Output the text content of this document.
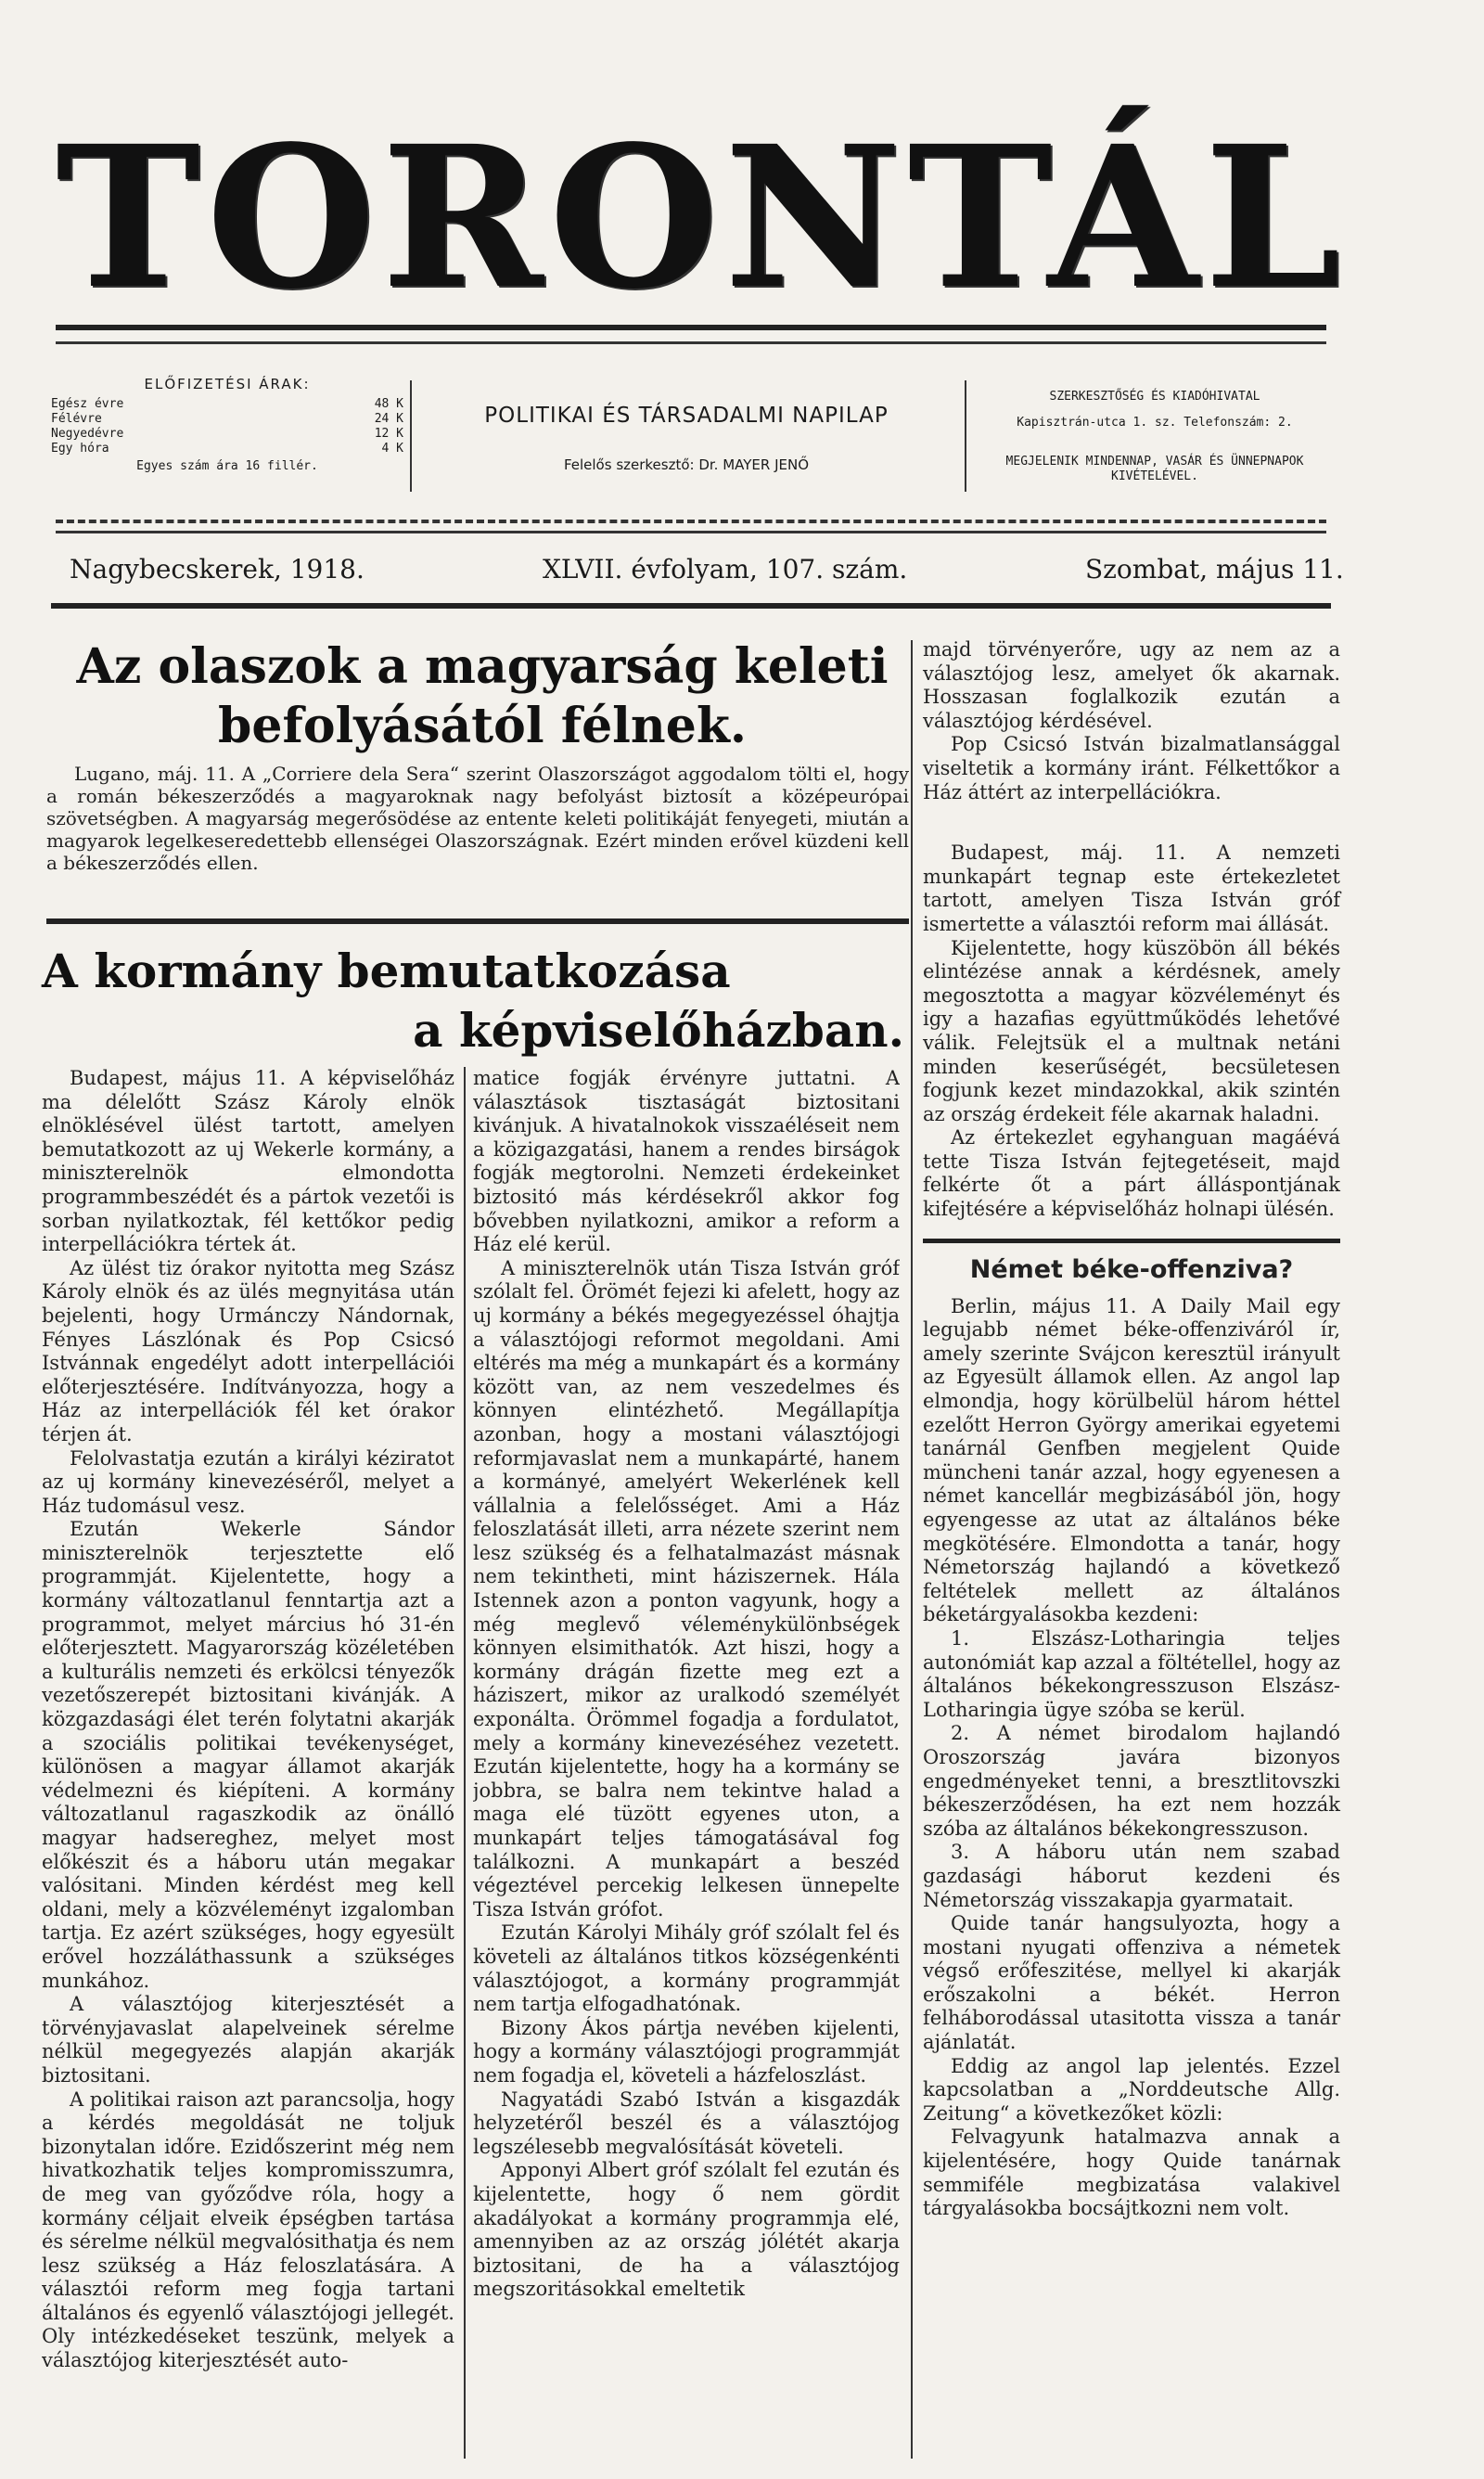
TORONTÁL
ELŐFIZETÉSI ÁRAK:
Egész évre	48 K
Félévre	24 K
Negyedévre	12 K
Egy hóra	4 K
Egyes szám ára 16 fillér.
POLITIKAI ÉS TÁRSADALMI NAPILAP
Felelős szerkesztő: Dr. MAYER JENŐ
SZERKESZTŐSÉG ÉS KIADÓHIVATAL
Kapisztrán-utca 1. sz. Telefonszám: 2.
MEGJELENIK MINDENNAP, VASÁR ÉS ÜNNEPNAPOK KIVÉTELÉVEL.
Nagybecskerek, 1918.	XLVII. évfolyam, 107. szám.	Szombat, május 11.
Az olaszok a magyarság keleti
befolyásától félnek.

Lugano, máj. 11. A „Corriere dela Sera“ szerint Olaszországot aggodalom tölti el, hogy a román békeszerződés a magyaroknak nagy befolyást biztosít a középeurópai szövetségben. A magyarság megerősödése az entente keleti politikáját fenyegeti, miután a magyarok legelkeseredettebb ellenségei Olaszországnak. Ezért minden erővel küzdeni kell a békeszerződés ellen.

A kormány bemutatkozása
a képviselőházban.

Budapest, május 11. A képviselőház ma délelőtt Szász Károly elnök elnöklésével ülést tartott, amelyen bemutatkozott az uj Wekerle kormány, a miniszterelnök elmondotta programmbeszédét és a pártok vezetői is sorban nyilatkoztak, fél kettőkor pedig interpellációkra tértek át.

Az ülést tiz órakor nyitotta meg Szász Károly elnök és az ülés megnyitása után bejelenti, hogy Urmánczy Nándornak, Fényes Lászlónak és Pop Csicsó Istvánnak engedélyt adott interpellációi előterjesztésére. Indítványozza, hogy a Ház az interpellációk fél ket órakor térjen át.

Felolvastatja ezután a királyi kéziratot az uj kormány kinevezéséről, melyet a Ház tudomásul vesz.

Ezután Wekerle Sándor miniszterelnök terjesztette elő programmját. Kijelentette, hogy a kormány változatlanul fenntartja azt a programmot, melyet március hó 31-én előterjesztett. Magyarország közéletében a kulturális nemzeti és erkölcsi tényezők vezetőszerepét biztositani kivánják. A közgazdasági élet terén folytatni akarják a szociális politikai tevékenységet, különösen a magyar államot akarják védelmezni és kiépíteni. A kormány változatlanul ragaszkodik az önálló magyar hadsereghez, melyet most előkészit és a háboru után megakar valósitani. Minden kérdést meg kell oldani, mely a közvéleményt izgalomban tartja. Ez azért szükséges, hogy egyesült erővel hozzáláthassunk a szükséges munkához.

A választójog kiterjesztését a törvényjavaslat alapelveinek sérelme nélkül megegyezés alapján akarják biztositani.

A politikai raison azt parancsolja, hogy a kérdés megoldását ne toljuk bizonytalan időre. Ezidőszerint még nem hivatkozhatik teljes kompromisszumra, de meg van győződve róla, hogy a kormány céljait elveik épségben tartása és sérelme nélkül megvalósithatja és nem lesz szükség a Ház feloszlatására. A választói reform meg fogja tartani általános és egyenlő választójogi jellegét. Oly intézkedéseket teszünk, melyek a választójog kiterjesztését auto-

matice fogják érvényre juttatni. A választások tisztaságát biztositani kivánjuk. A hivatalnokok visszaéléseit nem a közigazgatási, hanem a rendes birságok fogják megtorolni. Nemzeti érdekeinket biztositó más kérdésekről akkor fog bővebben nyilatkozni, amikor a reform a Ház elé kerül.

A miniszterelnök után Tisza István gróf szólalt fel. Örömét fejezi ki afelett, hogy az uj kormány a békés megegyezéssel óhajtja a választójogi reformot megoldani. Ami eltérés ma még a munkapárt és a kormány között van, az nem veszedelmes és könnyen elintézhető. Megállapítja azonban, hogy a mostani választójogi reformjavaslat nem a munkapárté, hanem a kormányé, amelyért Wekerlének kell vállalnia a felelősséget. Ami a Ház feloszlatását illeti, arra nézete szerint nem lesz szükség és a felhatalmazást másnak nem tekintheti, mint háziszernek. Hála Istennek azon a ponton vagyunk, hogy a még meglevő véleménykülönbségek könnyen elsimithatók. Azt hiszi, hogy a kormány drágán fizette meg ezt a háziszert, mikor az uralkodó személyét exponálta. Örömmel fogadja a fordulatot, mely a kormány kinevezéséhez vezetett. Ezután kijelentette, hogy ha a kormány se jobbra, se balra nem tekintve halad a maga elé tüzött egyenes uton, a munkapárt teljes támogatásával fog találkozni. A munkapárt a beszéd végeztével percekig lelkesen ünnepelte Tisza István grófot.

Ezután Károlyi Mihály gróf szólalt fel és követeli az általános titkos községenkénti választójogot, a kormány programmját nem tartja elfogadhatónak.

Bizony Ákos pártja nevében kijelenti, hogy a kormány választójogi programmját nem fogadja el, követeli a házfeloszlást.

Nagyatádi Szabó István a kisgazdák helyzetéről beszél és a választójog legszélesebb megvalósítását követeli.

Apponyi Albert gróf szólalt fel ezután és kijelentette, hogy ő nem gördit akadályokat a kormány programmja elé, amennyiben az az ország jólétét akarja biztositani, de ha a választójog megszoritásokkal emeltetik

majd törvényerőre, ugy az nem az a választójog lesz, amelyet ők akarnak. Hosszasan foglalkozik ezután a választójog kérdésével.

Pop Csicsó István bizalmatlansággal viseltetik a kormány iránt. Félkettőkor a Ház áttért az interpellációkra.

Budapest, máj. 11. A nemzeti munkapárt tegnap este értekezletet tartott, amelyen Tisza István gróf ismertette a választói reform mai állását.

Kijelentette, hogy küszöbön áll békés elintézése annak a kérdésnek, amely megosztotta a magyar közvéleményt és igy a hazafias együttműködés lehetővé válik. Felejtsük el a multnak netáni minden keserűségét, becsületesen fogjunk kezet mindazokkal, akik szintén az ország érdekeit féle akarnak haladni.

Az értekezlet egyhanguan magáévá tette Tisza István fejtegetéseit, majd felkérte őt a párt álláspontjának kifejtésére a képviselőház holnapi ülésén.

Német béke-offenziva?

Berlin, május 11. A Daily Mail egy legujabb német béke-offenziváról ír, amely szerinte Svájcon keresztül irányult az Egyesült államok ellen. Az angol lap elmondja, hogy körülbelül három héttel ezelőtt Herron György amerikai egyetemi tanárnál Genfben megjelent Quide müncheni tanár azzal, hogy egyenesen a német kancellár megbizásából jön, hogy egyengesse az utat az általános béke megkötésére. Elmondotta a tanár, hogy Németország hajlandó a következő feltételek mellett az általános béketárgyalásokba kezdeni:

1. Elszász-Lotharingia teljes autonómiát kap azzal a föltétellel, hogy az általános békekongresszuson Elszász-Lotharingia ügye szóba se kerül.

2. A német birodalom hajlandó Oroszország javára bizonyos engedményeket tenni, a bresztlitovszki békeszerződésen, ha ezt nem hozzák szóba az általános békekongresszuson.

3. A háboru után nem szabad gazdasági háborut kezdeni és Németország visszakapja gyarmatait.

Quide tanár hangsulyozta, hogy a mostani nyugati offenziva a németek végső erőfeszitése, mellyel ki akarják erőszakolni a békét. Herron felháborodással utasitotta vissza a tanár ajánlatát.

Eddig az angol lap jelentés. Ezzel kapcsolatban a „Norddeutsche Allg. Zeitung“ a következőket közli:

Felvagyunk hatalmazva annak a kijelentésére, hogy Quide tanárnak semmiféle megbizatása valakivel tárgyalásokba bocsájtkozni nem volt.
